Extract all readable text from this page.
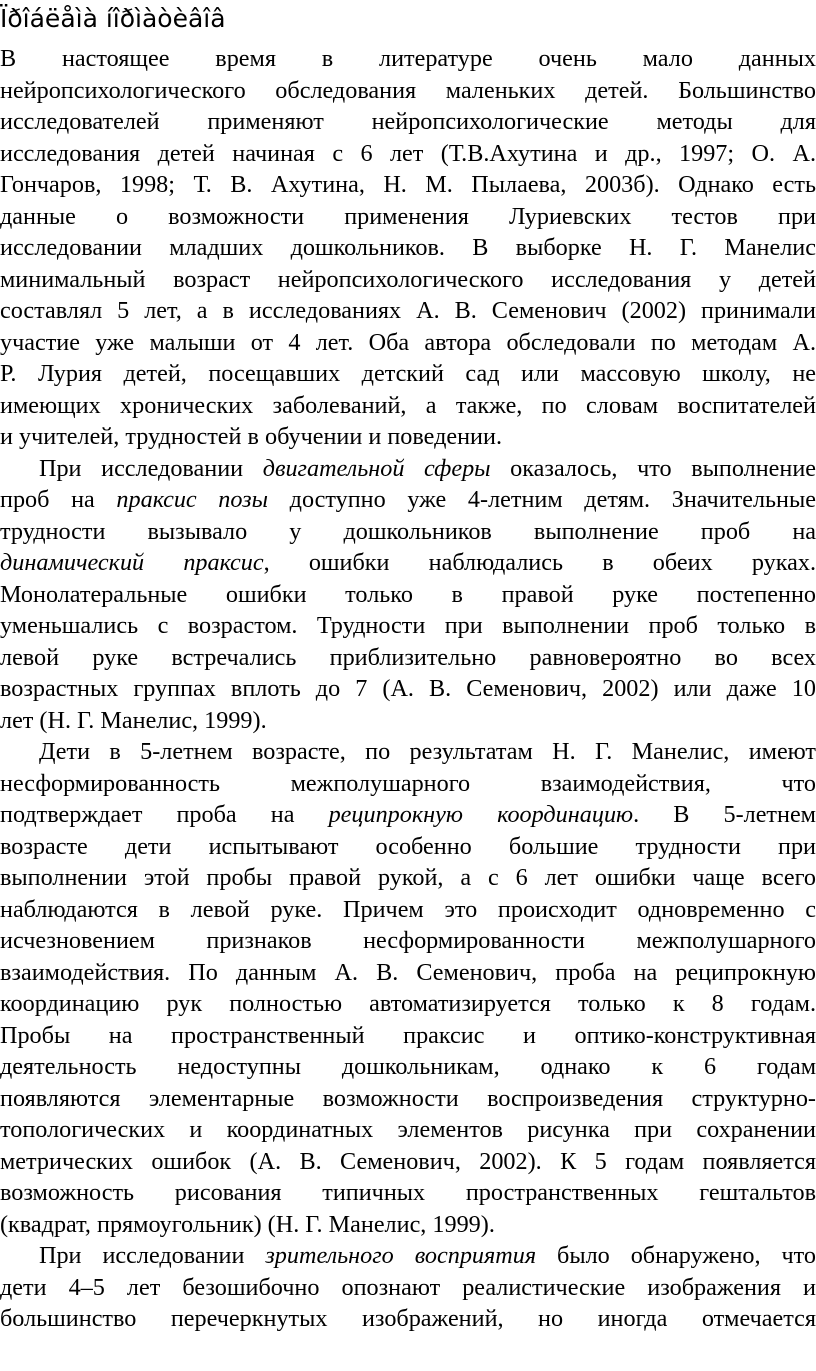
Ïðîáëåìà íîðìàòèâîâ
В настоящее время в литературе очень мало данных
нейропсихологического обследования маленьких детей. Большинство
исследователей применяют нейропсихологические методы для
исследования детей начиная с 6 лет (Т.В.Ахутина и др., 1997; О. А.
Гончаров, 1998; Т. В. Ахутина, Н. М. Пылаева, 2003б). Однако есть
данные о возможности применения Луриевских тестов при
исследовании младших дошкольников. В выборке Н. Г. Манелис
минимальный возраст нейропсихологического исследования у детей
составлял 5 лет, а в исследованиях А. В. Семенович (2002) принимали
участие уже малыши от 4 лет. Оба автора обследовали по методам А.
Р. Лурия детей, посещавших детский сад или массовую школу, не
имеющих хронических заболеваний, а также, по словам воспитателей
и учителей, трудностей в обучении и поведении.
При исследовании двигательной сферы оказалось, что выполнение
проб на праксис позы доступно уже 4-летним детям. Значительные
трудности вызывало у дошкольников выполнение проб на
динамический праксис, ошибки наблюдались в обеих руках.
Монолатеральные ошибки только в правой руке постепенно
уменьшались с возрастом. Трудности при выполнении проб только в
левой руке встречались приблизительно равновероятно во всех
возрастных группах вплоть до 7 (А. В. Семенович, 2002) или даже 10
лет (Н. Г. Манелис, 1999).
Дети в 5-летнем возрасте, по результатам Н. Г. Манелис, имеют
несформированность межполушарного взаимодействия, что
подтверждает проба на реципрокную координацию. В 5-летнем
возрасте дети испытывают особенно большие трудности при
выполнении этой пробы правой рукой, а с 6 лет ошибки чаще всего
наблюдаются в левой руке. Причем это происходит одновременно с
исчезновением признаков несформированности межполушарного
взаимодействия. По данным А. В. Семенович, проба на реципрокную
координацию рук полностью автоматизируется только к 8 годам.
Пробы на пространственный праксис и оптико-конструктивная
деятельность недоступны дошкольникам, однако к 6 годам
появляются элементарные возможности воспроизведения структурно-
топологических и координатных элементов рисунка при сохранении
метрических ошибок (А. В. Семенович, 2002). К 5 годам появляется
возможность рисования типичных пространственных гештальтов
(квадрат, прямоугольник) (Н. Г. Манелис, 1999).
При исследовании зрительного восприятия было обнаружено, что
дети 4–5 лет безошибочно опознают реалистические изображения и
большинство перечеркнутых изображений, но иногда отмечается
